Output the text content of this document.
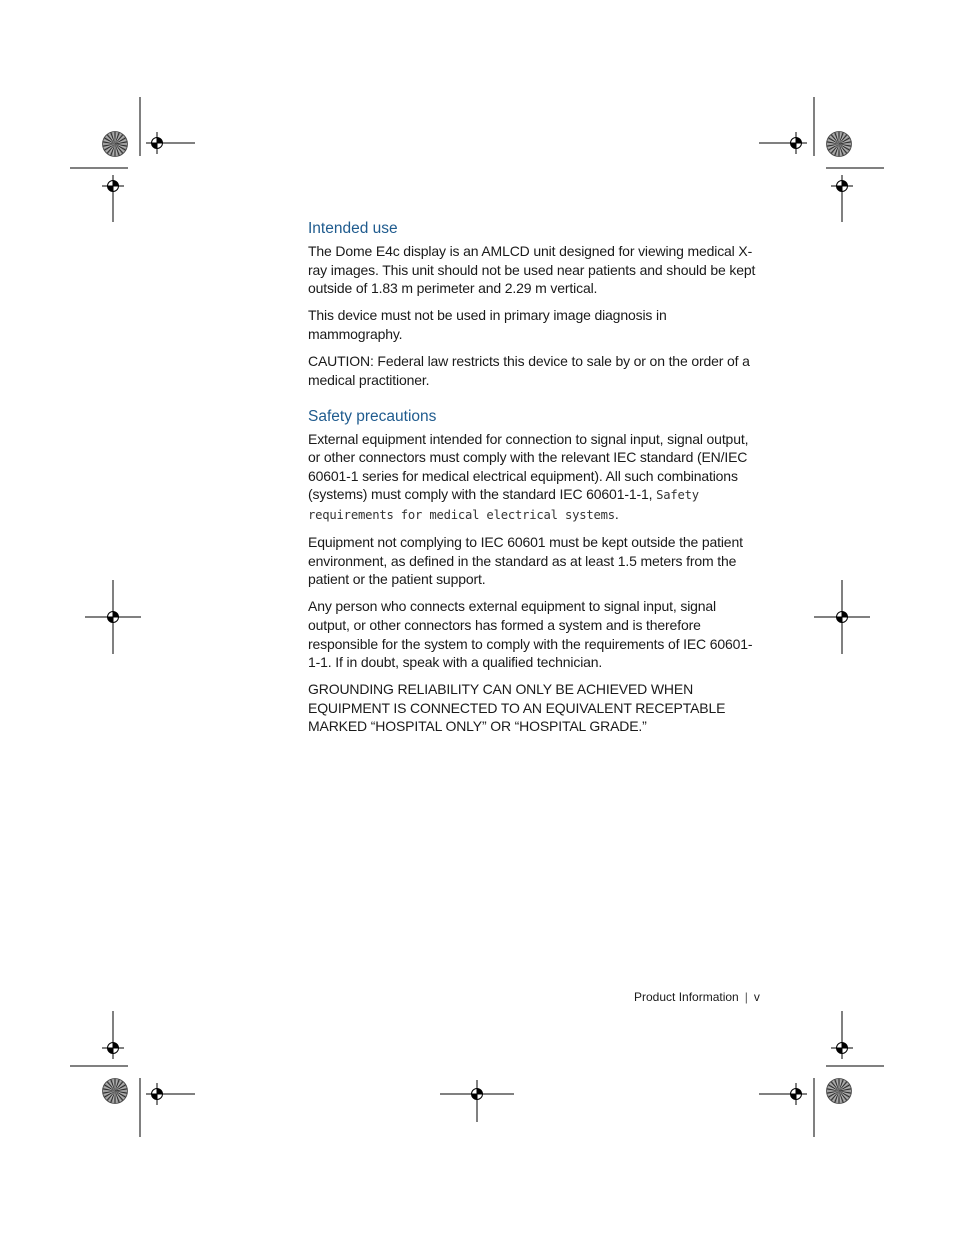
Intended use

The Dome E4c display is an AMLCD unit designed for viewing medical X-ray images. This unit should not be used near patients and should be kept outside of 1.83 m perimeter and 2.29 m vertical.

This device must not be used in primary image diagnosis in mammography.

CAUTION: Federal law restricts this device to sale by or on the order of a medical practitioner.

Safety precautions

External equipment intended for connection to signal input, signal output, or other connectors must comply with the relevant IEC standard (EN/IEC 60601-1 series for medical electrical equipment). All such combinations (systems) must comply with the standard IEC 60601-1-1, Safety requirements for medical electrical systems.

Equipment not complying to IEC 60601 must be kept outside the patient environment, as defined in the standard as at least 1.5 meters from the patient or the patient support.

Any person who connects external equipment to signal input, signal output, or other connectors has formed a system and is therefore responsible for the system to comply with the requirements of IEC 60601-1-1. If in doubt, speak with a qualified technician.

GROUNDING RELIABILITY CAN ONLY BE ACHIEVED WHEN EQUIPMENT IS CONNECTED TO AN EQUIVALENT RECEPTABLE MARKED “HOSPITAL ONLY” OR “HOSPITAL GRADE.”

Product Information | v
